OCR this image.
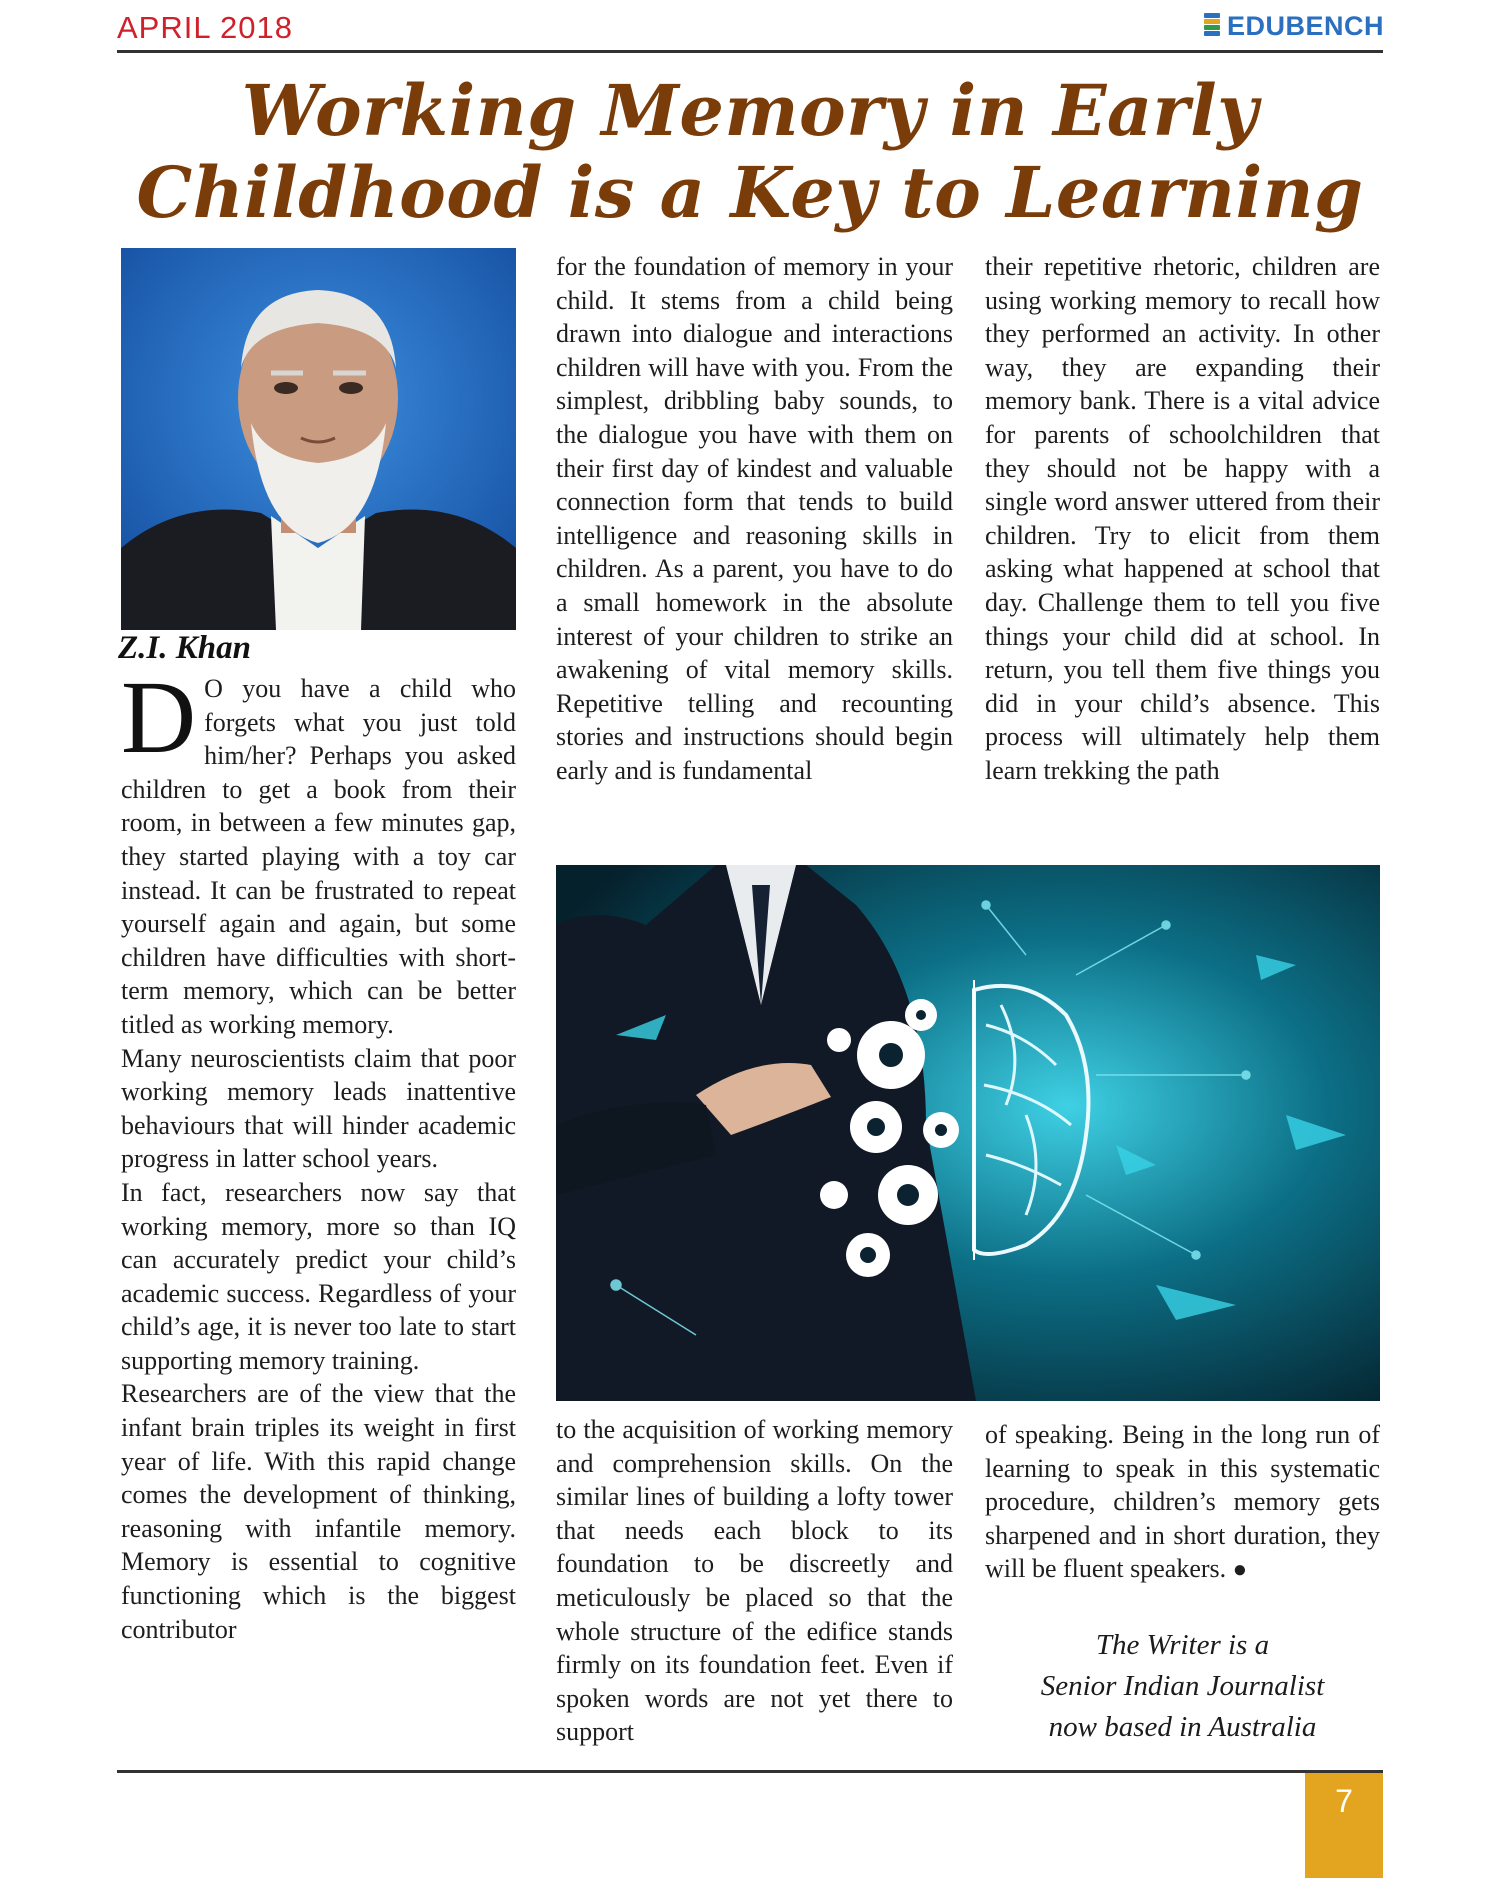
APRIL 2018	EDUBENCH
Working Memory in Early
Childhood is a Key to Learning
Z.I. Khan

D O you have a child who forgets what you just told him/her? Perhaps you asked children to get a book from their room, in between a few minutes gap, they started playing with a toy car instead. It can be frustrated to repeat yourself again and again, but some children have difficulties with short-term memory, which can be better titled as working memory.

Many neuroscientists claim that poor working memory leads inattentive behaviours that will hinder academic progress in latter school years.

In fact, researchers now say that working memory, more so than IQ can accurately predict your child’s academic success. Regardless of your child’s age, it is never too late to start supporting memory training.

Researchers are of the view that the infant brain triples its weight in first year of life. With this rapid change comes the development of thinking, reasoning with infantile memory. Memory is essential to cognitive functioning which is the biggest contributor

for the foundation of memory in your child. It stems from a child being drawn into dialogue and interactions children will have with you. From the simplest, dribbling baby sounds, to the dialogue you have with them on their first day of kindest and valuable connection form that tends to build intelligence and reasoning skills in children. As a parent, you have to do a small homework in the absolute interest of your children to strike an awakening of vital memory skills. Repetitive telling and recounting stories and instructions should begin early and is fundamental

their repetitive rhetoric, children are using working memory to recall how they performed an activity. In other way, they are expanding their memory bank. There is a vital advice for parents of schoolchildren that they should not be happy with a single word answer uttered from their children. Try to elicit from them asking what happened at school that day. Challenge them to tell you five things your child did at school. In return, you tell them five things you did in your child’s absence. This process will ultimately help them learn trekking the path

to the acquisition of working memory and comprehension skills. On the similar lines of building a lofty tower that needs each block to its foundation to be discreetly and meticulously be placed so that the whole structure of the edifice stands firmly on its foundation feet. Even if spoken words are not yet there to support

of speaking. Being in the long run of learning to speak in this systematic procedure, children’s memory gets sharpened and in short duration, they will be fluent speakers. ●

The Writer is a
Senior Indian Journalist
now based in Australia
7
